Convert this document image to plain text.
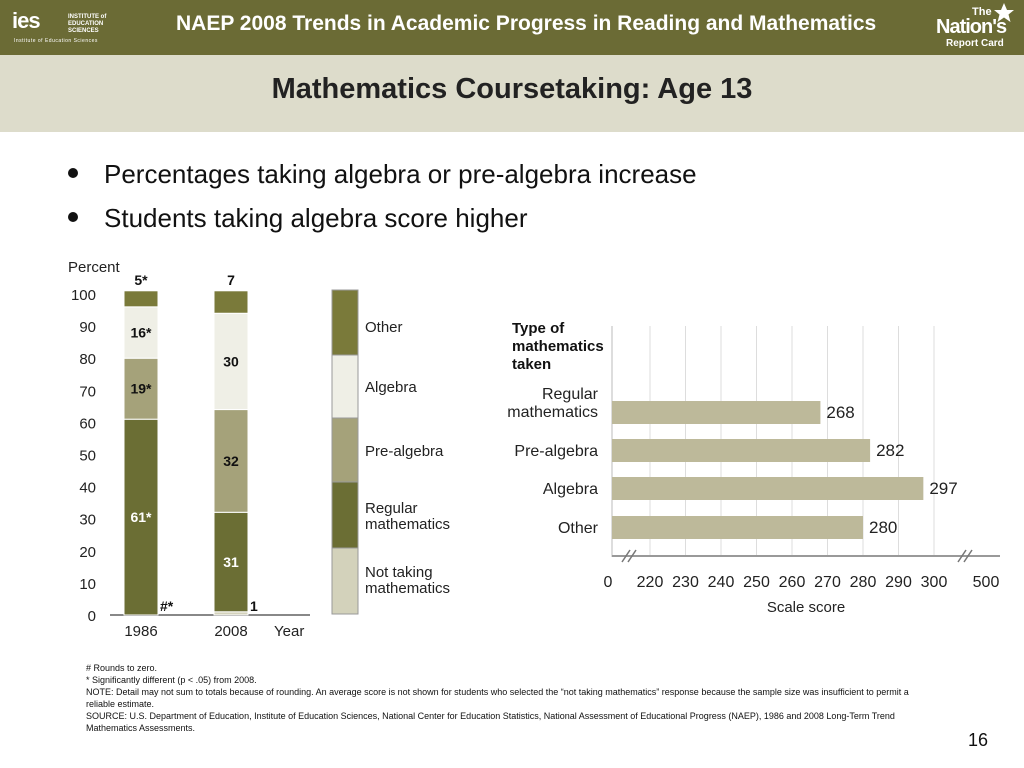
ies	INSTITUTE of
EDUCATION SCIENCES
Institute of Education Sciences
NAEP 2008 Trends in Academic Progress in Reading and Mathematics	The
Nation's
Report Card
Mathematics Coursetaking: Age 13
Percentages taking algebra or pre-algebra increase
Students taking algebra score higher
Percent
0
10
20
30
40
50
60
70
80
90
100
#*
61*
19*
16*
5*
1986
1
31
32
30
7
2008 Year
Other
Algebra
Pre-algebra
Regular
mathematics
Not taking
mathematics
Type of
mathematics
taken
268
Regular
mathematics
282
Pre-algebra
297
Algebra
280
Other
0 220 230 240 250 260 270 280 290 300 500
Scale score
# Rounds to zero.
* Significantly different (p < .05) from 2008.
NOTE: Detail may not sum to totals because of rounding. An average score is not shown for students who selected the “not taking mathematics” response because the sample size was insufficient to permit a reliable estimate.
SOURCE: U.S. Department of Education, Institute of Education Sciences, National Center for Education Statistics, National Assessment of Educational Progress (NAEP), 1986 and 2008 Long-Term Trend Mathematics Assessments.
16
